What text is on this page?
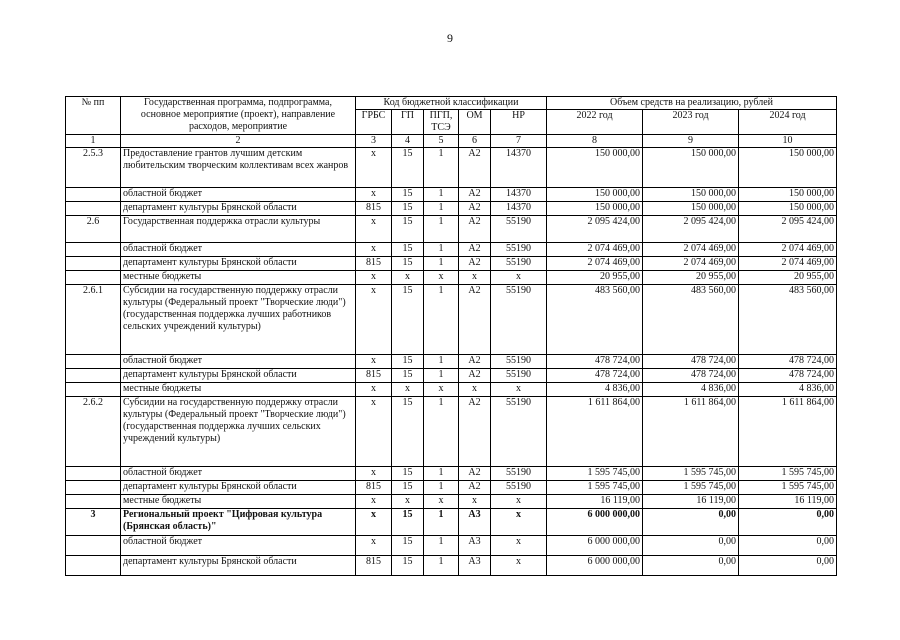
9
№ пп	Государственная программа, подпрограмма, основное мероприятие (проект), направление расходов, мероприятие	Код бюджетной классификации					Объем средств на реализацию, рублей		
		ГРБС	ГП	ПГП, ТСЭ	ОМ	НР	2022 год	2023 год	2024 год
1	2	3	4	5	6	7	8	9	10
2.5.3	Предоставление грантов лучшим детским любительским творческим коллективам всех жанров	x	15	1	А2	14370	150 000,00	150 000,00	150 000,00
	областной бюджет	x	15	1	А2	14370	150 000,00	150 000,00	150 000,00
	департамент культуры Брянской области	815	15	1	А2	14370	150 000,00	150 000,00	150 000,00
2.6	Государственная поддержка отрасли культуры	x	15	1	А2	55190	2 095 424,00	2 095 424,00	2 095 424,00
	областной бюджет	x	15	1	А2	55190	2 074 469,00	2 074 469,00	2 074 469,00
	департамент культуры Брянской области	815	15	1	А2	55190	2 074 469,00	2 074 469,00	2 074 469,00
	местные бюджеты	x	x	x	x	x	20 955,00	20 955,00	20 955,00
2.6.1	Субсидии на государственную поддержку отрасли культуры (Федеральный проект "Творческие люди") (государственная поддержка лучших работников сельских учреждений культуры)	x	15	1	А2	55190	483 560,00	483 560,00	483 560,00
	областной бюджет	x	15	1	А2	55190	478 724,00	478 724,00	478 724,00
	департамент культуры Брянской области	815	15	1	А2	55190	478 724,00	478 724,00	478 724,00
	местные бюджеты	x	x	x	x	x	4 836,00	4 836,00	4 836,00
2.6.2	Субсидии на государственную поддержку отрасли культуры (Федеральный проект "Творческие люди") (государственная поддержка лучших сельских учреждений культуры)	x	15	1	А2	55190	1 611 864,00	1 611 864,00	1 611 864,00
	областной бюджет	x	15	1	А2	55190	1 595 745,00	1 595 745,00	1 595 745,00
	департамент культуры Брянской области	815	15	1	А2	55190	1 595 745,00	1 595 745,00	1 595 745,00
	местные бюджеты	x	x	x	x	x	16 119,00	16 119,00	16 119,00
3	Региональный проект "Цифровая культура (Брянская область)"	x	15	1	А3	x	6 000 000,00	0,00	0,00
	областной бюджет	x	15	1	А3	x	6 000 000,00	0,00	0,00
	департамент культуры Брянской области	815	15	1	А3	x	6 000 000,00	0,00	0,00
